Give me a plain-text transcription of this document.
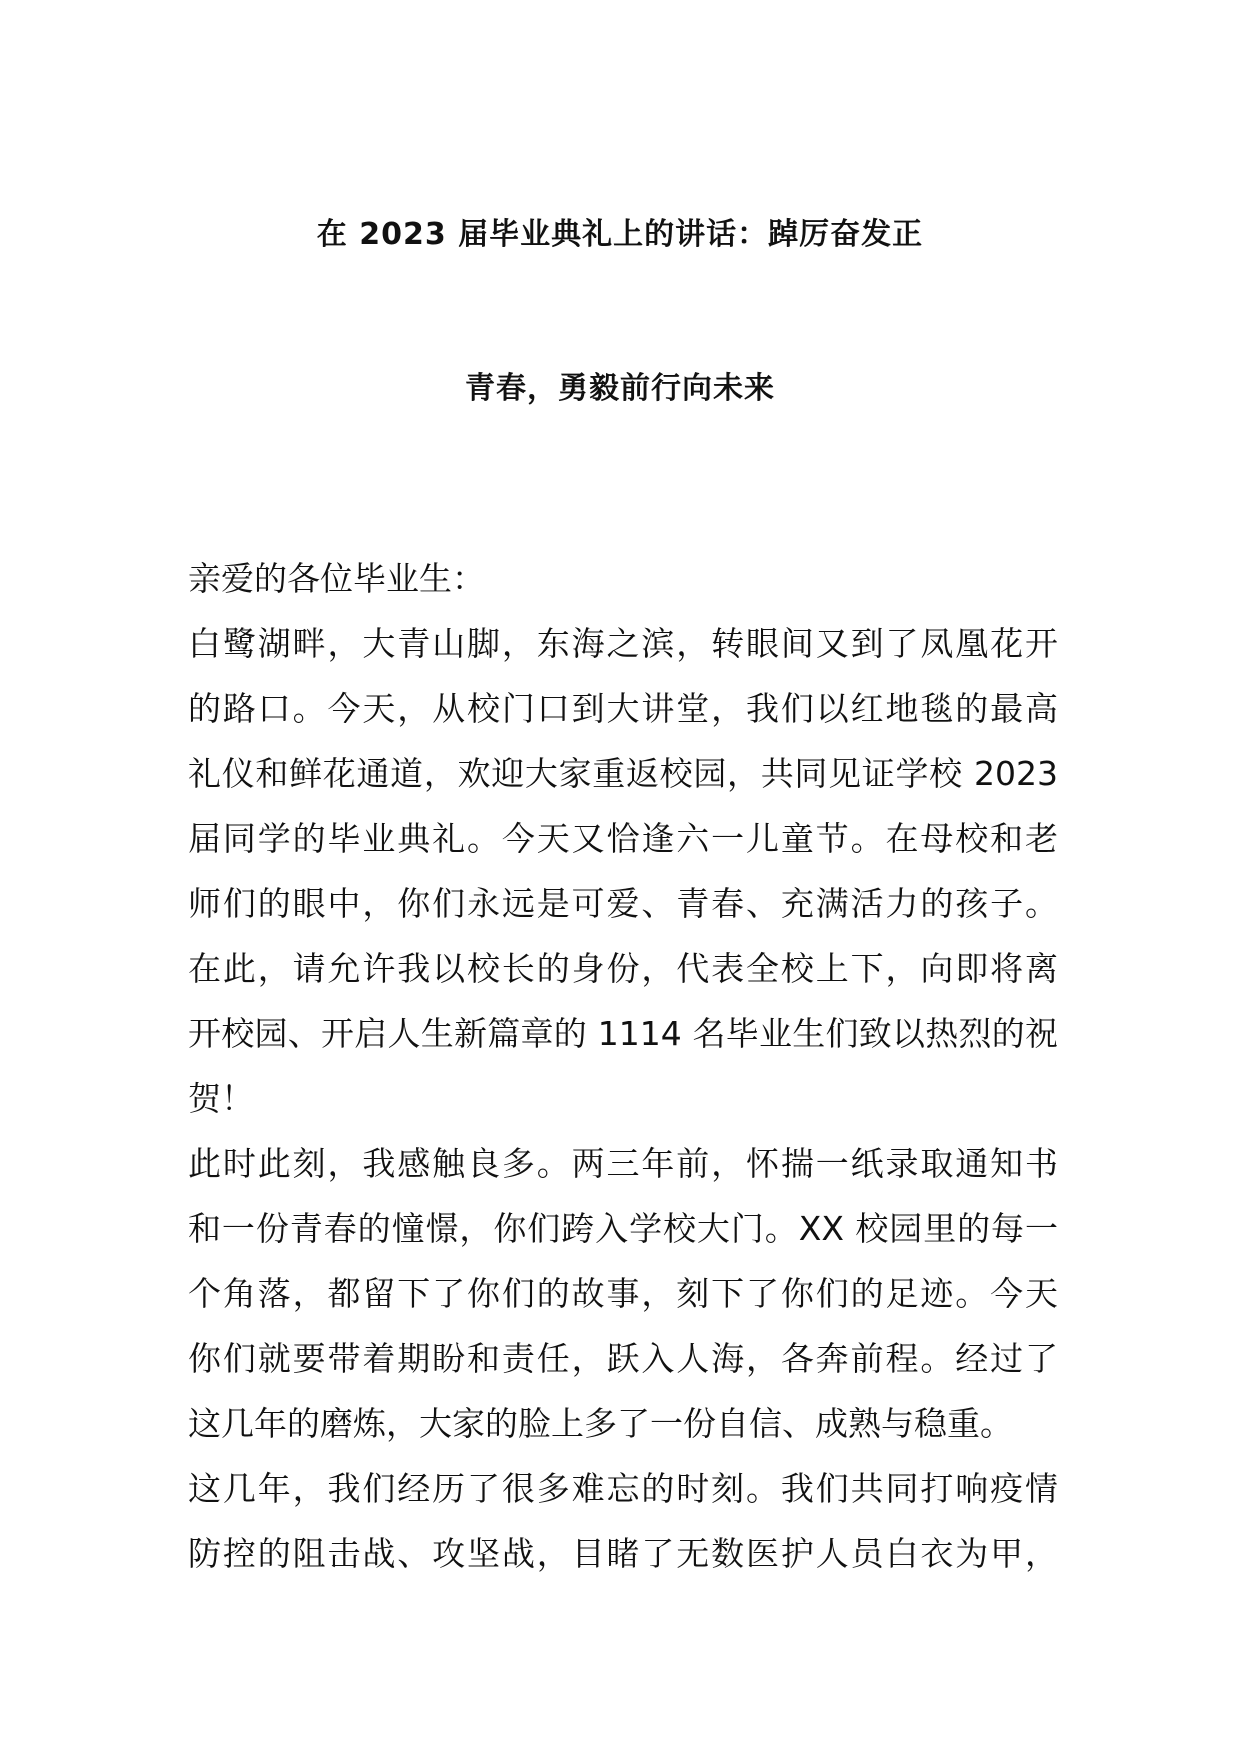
在 2023 届毕业典礼上的讲话：踔厉奋发正
青春，勇毅前行向未来
亲爱的各位毕业生：
白鹭湖畔，大青山脚，东海之滨，转眼间又到了凤凰花开
的路口。今天，从校门口到大讲堂，我们以红地毯的最高
礼仪和鲜花通道，欢迎大家重返校园，共同见证学校 2023
届同学的毕业典礼。今天又恰逢六一儿童节。在母校和老
师们的眼中，你们永远是可爱、青春、充满活力的孩子。
在此，请允许我以校长的身份，代表全校上下，向即将离
开校园、开启人生新篇章的 1114 名毕业生们致以热烈的祝
贺！
此时此刻，我感触良多。两三年前，怀揣一纸录取通知书
和一份青春的憧憬，你们跨入学校大门。XX 校园里的每一
个角落，都留下了你们的故事，刻下了你们的足迹。今天
你们就要带着期盼和责任，跃入人海，各奔前程。经过了
这几年的磨炼，大家的脸上多了一份自信、成熟与稳重。
这几年，我们经历了很多难忘的时刻。我们共同打响疫情
防控的阻击战、攻坚战，目睹了无数医护人员白衣为甲，
